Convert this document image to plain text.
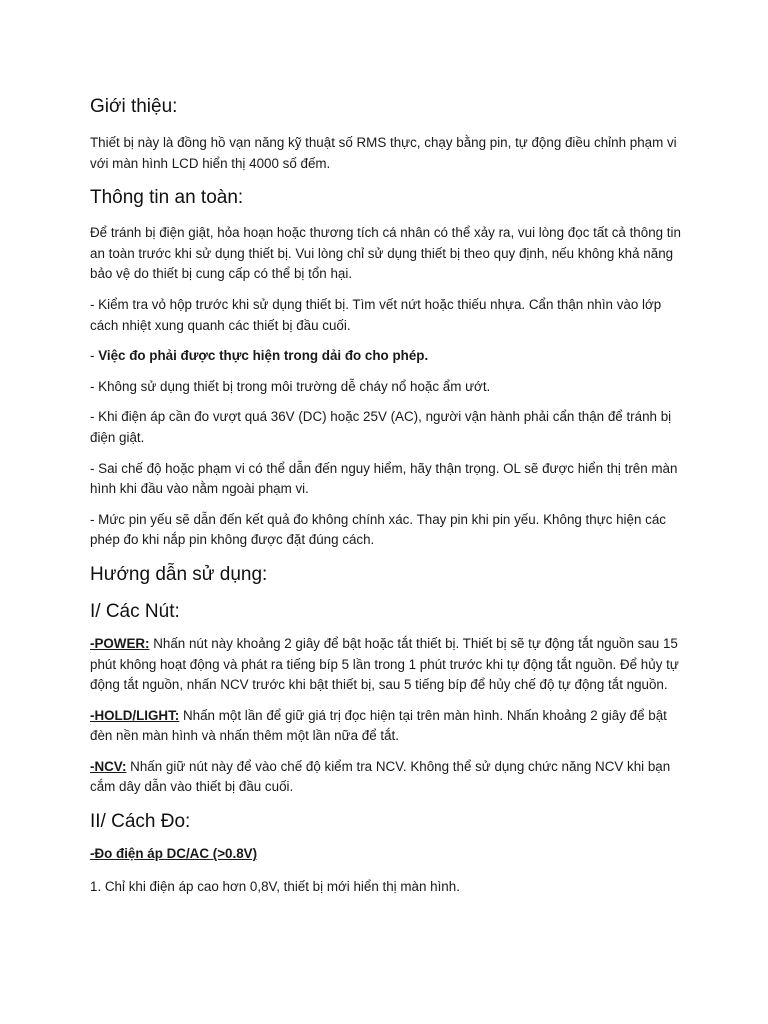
Giới thiệu:

Thiết bị này là đồng hồ vạn năng kỹ thuật số RMS thực, chạy bằng pin, tự động điều chỉnh phạm vi với màn hình LCD hiển thị 4000 số đếm.

Thông tin an toàn:

Để tránh bị điện giật, hỏa hoạn hoặc thương tích cá nhân có thể xảy ra, vui lòng đọc tất cả thông tin an toàn trước khi sử dụng thiết bị. Vui lòng chỉ sử dụng thiết bị theo quy định, nếu không khả năng bảo vệ do thiết bị cung cấp có thể bị tổn hại.

- Kiểm tra vỏ hộp trước khi sử dụng thiết bị. Tìm vết nứt hoặc thiếu nhựa. Cẩn thận nhìn vào lớp cách nhiệt xung quanh các thiết bị đầu cuối.

- Việc đo phải được thực hiện trong dải đo cho phép.

- Không sử dụng thiết bị trong môi trường dễ cháy nổ hoặc ẩm ướt.

- Khi điện áp cần đo vượt quá 36V (DC) hoặc 25V (AC), người vận hành phải cẩn thận để tránh bị điện giật.

- Sai chế độ hoặc phạm vi có thể dẫn đến nguy hiểm, hãy thận trọng. OL sẽ được hiển thị trên màn hình khi đầu vào nằm ngoài phạm vi.

- Mức pin yếu sẽ dẫn đến kết quả đo không chính xác. Thay pin khi pin yếu. Không thực hiện các phép đo khi nắp pin không được đặt đúng cách.

Hướng dẫn sử dụng:
I/ Các Nút:

-POWER: Nhấn nút này khoảng 2 giây để bật hoặc tắt thiết bị. Thiết bị sẽ tự động tắt nguồn sau 15 phút không hoạt động và phát ra tiếng bíp 5 lần trong 1 phút trước khi tự động tắt nguồn. Để hủy tự động tắt nguồn, nhấn NCV trước khi bật thiết bị, sau 5 tiếng bíp để hủy chế độ tự động tắt nguồn.

-HOLD/LIGHT: Nhấn một lần để giữ giá trị đọc hiện tại trên màn hình. Nhấn khoảng 2 giây để bật đèn nền màn hình và nhấn thêm một lần nữa để tắt.

-NCV: Nhấn giữ nút này để vào chế độ kiểm tra NCV. Không thể sử dụng chức năng NCV khi bạn cắm dây dẫn vào thiết bị đầu cuối.

II/ Cách Đo:

-Đo điện áp DC/AC (>0.8V)

1. Chỉ khi điện áp cao hơn 0,8V, thiết bị mới hiển thị màn hình.
